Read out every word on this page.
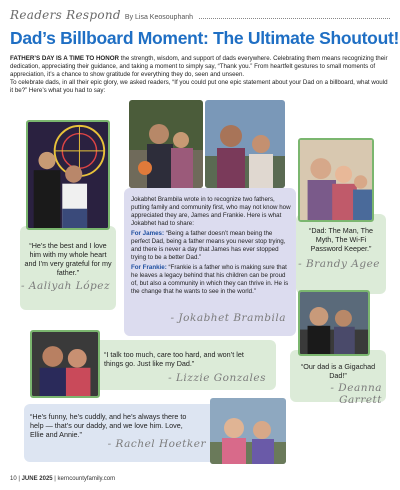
Readers Respond By Lisa Keosouphanh
Dad’s Billboard Moment: The Ultimate Shoutout!
FATHER’S DAY IS A TIME TO HONOR the strength, wisdom, and support of dads everywhere. Celebrating them means recognizing their dedication, appreciating their guidance, and taking a moment to simply say, “Thank you.” From heartfelt gestures to small moments of appreciation, it’s a chance to show gratitude for everything they do, seen and unseen.
To celebrate dads, in all their epic glory, we asked readers, “If you could put one epic statement about your Dad on a billboard, what would it be?” Here’s what you had to say:
“He’s the best and I love him with my whole heart and I’m very grateful for my father.”
- Aaliyah López

Jokabhet Brambila wrote in to recognize two fathers, putting family and community first, who may not know how appreciated they are, James and Frankie. Here is what Jokabhet had to share:

For James: “Being a father doesn’t mean being the perfect Dad, being a father means you never stop trying, and there is never a day that James has ever stopped trying to be a better Dad.”

For Frankie: “Frankie is a father who is making sure that he leaves a legacy behind that his children can be proud of, but also a community in which they can thrive in. He is the change that he wants to see in the world.”

- Jokabhet Brambila
“Dad: The Man, The Myth, The Wi-Fi Password Keeper.”
- Brandy Agee
“I talk too much, care too hard, and won’t let things go. Just like my Dad.”
- Lizzie Gonzales
“Our dad is a Gigachad Dad!”
- Deanna Garrett
“He’s funny, he’s cuddly, and he’s always there to help — that’s our daddy, and we love him. Love, Ellie and Annie.”
- Rachel Hoetker
10 | JUNE 2025 | kerncountyfamily.com
